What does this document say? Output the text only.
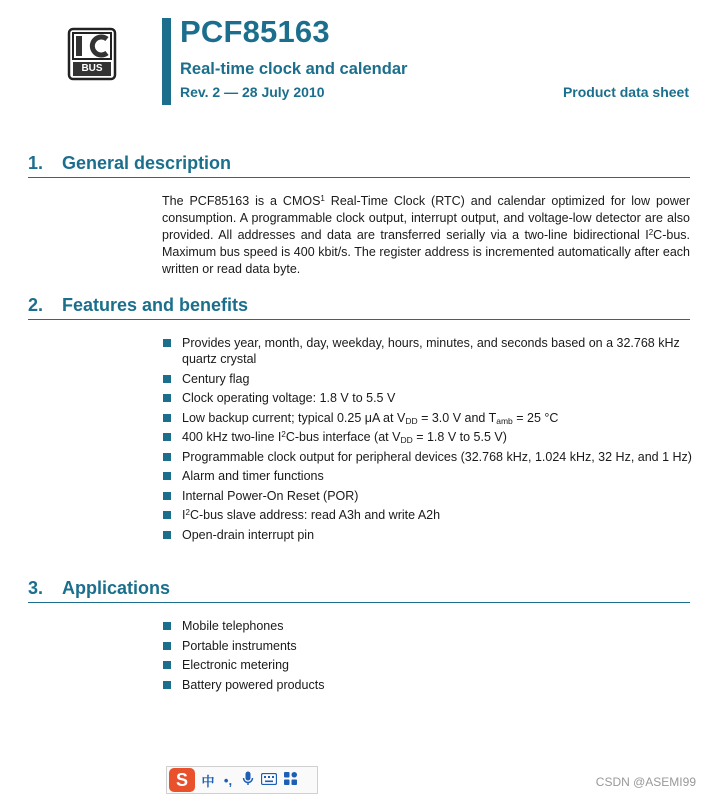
BUS
PCF85163
Real-time clock and calendar
Rev. 2 — 28 July 2010	Product data sheet
1. General description
The PCF85163 is a CMOS$^1$ Real-Time Clock (RTC) and calendar optimized for low power consumption. A programmable clock output, interrupt output, and voltage-low detector are also provided. All addresses and data are transferred serially via a two-line bidirectional $I^2C$-bus. Maximum bus speed is 400 kbit/s. The register address is incremented automatically after each written or read data byte.
2. Features and benefits
Provides year, month, day, weekday, hours, minutes, and seconds based on a 32.768 kHz quartz crystal
Century flag
Clock operating voltage: 1.8 V to 5.5 V
Low backup current; typical 0.25 μA at $V_{DD} = 3.0$ V and $T_{amb} = 25$ °C
400 kHz two-line $I^2C$-bus interface (at $V_{DD} = 1.8$ V to 5.5 V)
Programmable clock output for peripheral devices (32.768 kHz, 1.024 kHz, 32 Hz, and 1 Hz)
Alarm and timer functions
Internal Power-On Reset (POR)
$I^2C$-bus slave address: read A3h and write A2h
Open-drain interrupt pin
3. Applications
Mobile telephones
Portable instruments
Electronic metering
Battery powered products
S	中 •,	CSDN @ASEMI99
